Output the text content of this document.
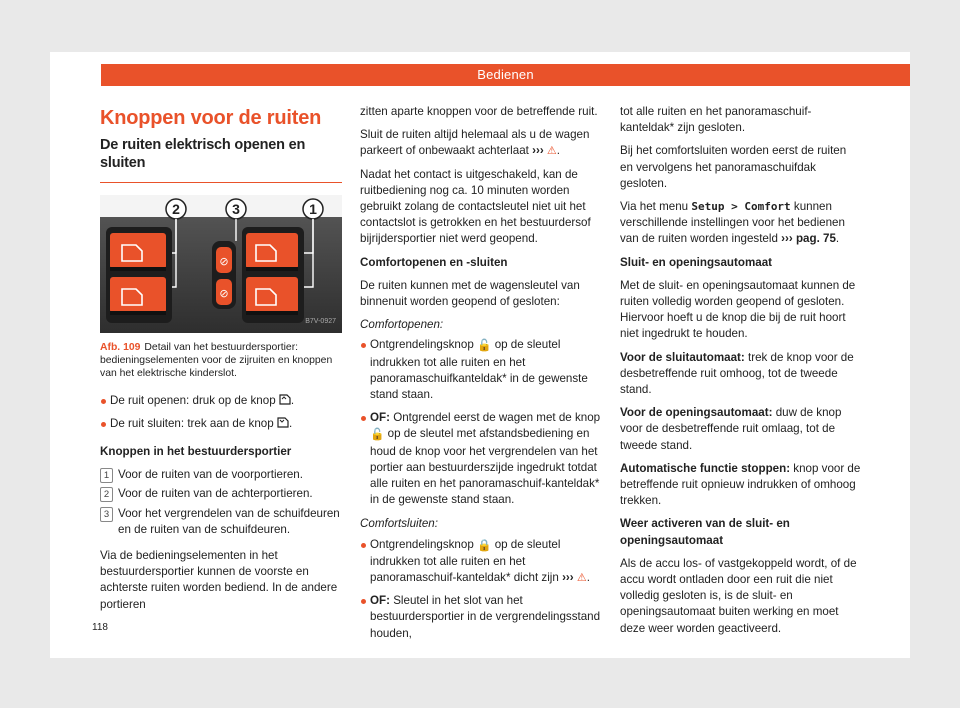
Bedienen
Knoppen voor de ruiten
De ruiten elektrisch openen en sluiten
2	3	1
⊘
⊘
B7V-0927
Afb. 109 Detail van het bestuurdersportier: bedieningselementen voor de zijruiten en knoppen van het elektrische kinderslot.

De ruit openen: druk op de knop .

De ruit sluiten: trek aan de knop .

Knoppen in het bestuurdersportier

1 Voor de ruiten van de voorportieren.
2 Voor de ruiten van de achterportieren.
3 Voor het vergrendelen van de schuifdeuren en de ruiten van de schuifdeuren.

Via de bedieningselementen in het bestuurdersportier kunnen de voorste en achterste ruiten worden bediend. In de andere portieren

zitten aparte knoppen voor de betreffende ruit.

Sluit de ruiten altijd helemaal als u de wagen parkeert of onbewaakt achterlaat ››› ⚠.

Nadat het contact is uitgeschakeld, kan de ruitbediening nog ca. 10 minuten worden gebruikt zolang de contactsleutel niet uit het contactslot is getrokken en het bestuurdersof bijrijdersportier niet werd geopend.

Comfortopenen en -sluiten

De ruiten kunnen met de wagensleutel van binnenuit worden geopend of gesloten:

Comfortopenen:

Ontgrendelingsknop 🔓 op de sleutel indrukken tot alle ruiten en het panoramaschuifkanteldak* in de gewenste stand staan.

OF: Ontgrendel eerst de wagen met de knop 🔓 op de sleutel met afstandsbediening en houd de knop voor het vergrendelen van het portier aan bestuurderszijde ingedrukt totdat alle ruiten en het panoramaschuif-kanteldak* in de gewenste stand staan.

Comfortsluiten:

Ontgrendelingsknop 🔒 op de sleutel indrukken tot alle ruiten en het panoramaschuif-kanteldak* dicht zijn ››› ⚠.

OF: Sleutel in het slot van het bestuurdersportier in de vergrendelingsstand houden,

tot alle ruiten en het panoramaschuif-kanteldak* zijn gesloten.

Bij het comfortsluiten worden eerst de ruiten en vervolgens het panoramaschuifdak gesloten.

Via het menu Setup > Comfort kunnen verschillende instellingen voor het bedienen van de ruiten worden ingesteld ››› pag. 75.

Sluit- en openingsautomaat

Met de sluit- en openingsautomaat kunnen de ruiten volledig worden geopend of gesloten. Hiervoor hoeft u de knop die bij de ruit hoort niet ingedrukt te houden.

Voor de sluitautomaat: trek de knop voor de desbetreffende ruit omhoog, tot de tweede stand.

Voor de openingsautomaat: duw de knop voor de desbetreffende ruit omlaag, tot de tweede stand.

Automatische functie stoppen: knop voor de betreffende ruit opnieuw indrukken of omhoog trekken.

Weer activeren van de sluit- en openingsautomaat

Als de accu los- of vastgekoppeld wordt, of de accu wordt ontladen door een ruit die niet volledig gesloten is, is de sluit- en openingsautomaat buiten werking en moet deze weer worden geactiveerd.

118
